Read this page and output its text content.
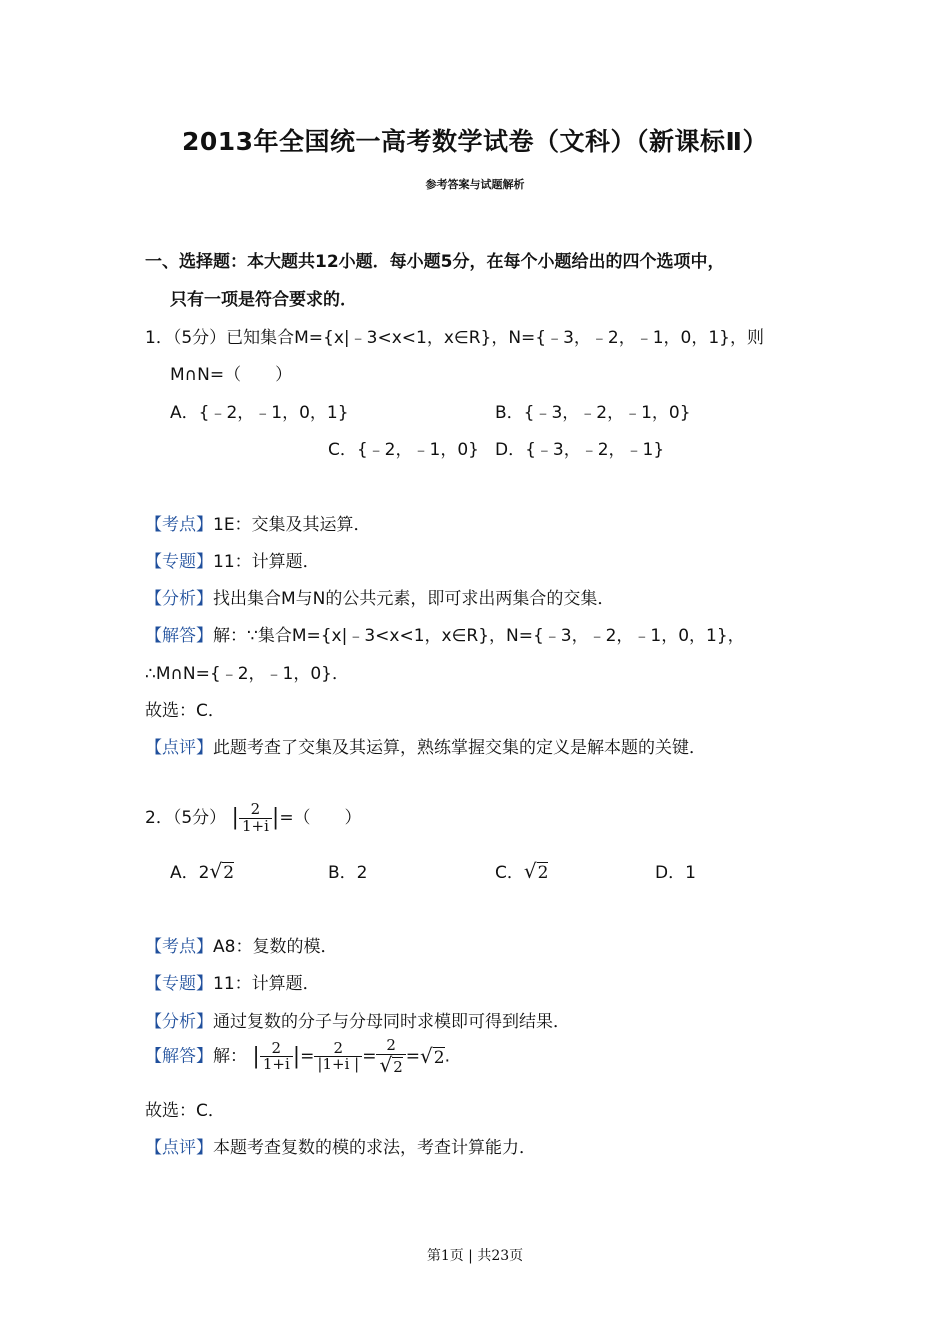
2013年全国统一高考数学试卷（文科）（新课标Ⅱ）
参考答案与试题解析
一、选择题：本大题共12小题．每小题5分，在每个小题给出的四个选项中，
只有一项是符合要求的．
1．（5分）已知集合M={x|﹣3<x<1，x∈R}，N={﹣3，﹣2，﹣1，0，1}，则
M∩N=（　　）
A．{﹣2，﹣1，0，1}	B．{﹣3，﹣2，﹣1，0}
C．{﹣2，﹣1，0} D．{﹣3，﹣2，﹣1}
【考点】1E：交集及其运算．
【专题】11：计算题．
【分析】找出集合M与N的公共元素，即可求出两集合的交集．
【解答】解：∵集合M={x|﹣3<x<1，x∈R}，N={﹣3，﹣2，﹣1，0，1}，
∴M∩N={﹣2，﹣1，0}．
故选：C．
【点评】此题考查了交集及其运算，熟练掌握交集的定义是解本题的关键．
2．（5分） | $\frac{2}{1+i}$ |=（　　）
A．2√2	B．2	C．√2	D．1
【考点】A8：复数的模．
【专题】11：计算题．
【分析】通过复数的分子与分母同时求模即可得到结果．
【解答】解： | $\frac{2}{1+i}$ |= $\frac{2}{|1+i |} = \frac{2}{√2} =√2$.
故选：C．
【点评】本题考查复数的模的求法，考查计算能力．
第1页 | 共23页
